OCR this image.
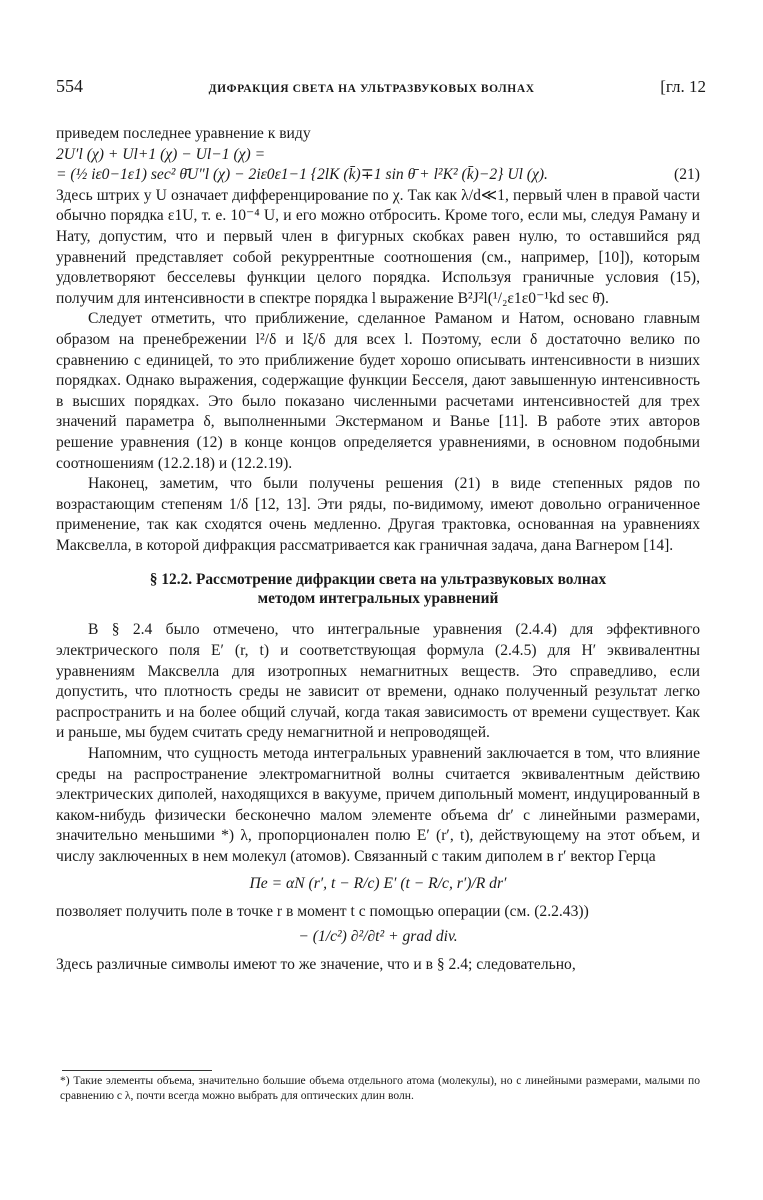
554	ДИФРАКЦИЯ СВЕТА НА УЛЬТРАЗВУКОВЫХ ВОЛНАХ	[гл. 12

приведем последнее уравнение к виду

2U′l (χ) + Ul+1 (χ) − Ul−1 (χ) =

= (½ iε0−1ε1) sec² θ̄U″l (χ) − 2iε0ε1−1 {2lK (k̄)∓1 sin θ̄ + l²K² (k̄)−2} Ul (χ).	(21)

Здесь штрих у U означает дифференцирование по χ. Так как λ/d≪1, первый член в правой части обычно порядка ε1U, т. е. 10⁻⁴ U, и его можно отбросить. Кроме того, если мы, следуя Раману и Нату, допустим, что и первый член в фигурных скобках равен нулю, то оставшийся ряд уравнений представляет собой рекуррентные соотношения (см., например, [10]), которым удовлетворяют бесселевы функции целого порядка. Используя граничные условия (15), получим для интенсивности в спектре порядка l выражение B²J²l(¹/₂ε1ε0⁻¹kd sec θ̄).

Следует отметить, что приближение, сделанное Раманом и Натом, основано главным образом на пренебрежении l²/δ и lξ/δ для всех l. Поэтому, если δ достаточно велико по сравнению с единицей, то это приближение будет хорошо описывать интенсивности в низших порядках. Однако выражения, содержащие функции Бесселя, дают завышенную интенсивность в высших порядках. Это было показано численными расчетами интенсивностей для трех значений параметра δ, выполненными Экстерманом и Ванье [11]. В работе этих авторов решение уравнения (12) в конце концов определяется уравнениями, в основном подобными соотношениям (12.2.18) и (12.2.19).

Наконец, заметим, что были получены решения (21) в виде степенных рядов по возрастающим степеням 1/δ [12, 13]. Эти ряды, по-видимому, имеют довольно ограниченное применение, так как сходятся очень медленно. Другая трактовка, основанная на уравнениях Максвелла, в которой дифракция рассматривается как граничная задача, дана Вагнером [14].

§ 12.2. Рассмотрение дифракции света на ультразвуковых волнах
методом интегральных уравнений

В § 2.4 было отмечено, что интегральные уравнения (2.4.4) для эффективного электрического поля E′ (r, t) и соответствующая формула (2.4.5) для H′ эквивалентны уравнениям Максвелла для изотропных немагнитных веществ. Это справедливо, если допустить, что плотность среды не зависит от времени, однако полученный результат легко распространить и на более общий случай, когда такая зависимость от времени существует. Как и раньше, мы будем считать среду немагнитной и непроводящей.

Напомним, что сущность метода интегральных уравнений заключается в том, что влияние среды на распространение электромагнитной волны считается эквивалентным действию электрических диполей, находящихся в вакууме, причем дипольный момент, индуцированный в каком-нибудь физически бесконечно малом элементе объема dr′ с линейными размерами, значительно меньшими *) λ, пропорционален полю E′ (r′, t), действующему на этот объем, и числу заключенных в нем молекул (атомов). Связанный с таким диполем в r′ вектор Герца

Πe = αN (r′, t − R/c) E′ (t − R/c, r′)/R dr′

позволяет получить поле в точке r в момент t с помощью операции (см. (2.2.43))

− (1/c²) ∂²/∂t² + grad div.

Здесь различные символы имеют то же значение, что и в § 2.4; следовательно,

*) Такие элементы объема, значительно большие объема отдельного атома (молекулы), но с линейными размерами, малыми по сравнению с λ, почти всегда можно выбрать для оптических длин волн.
